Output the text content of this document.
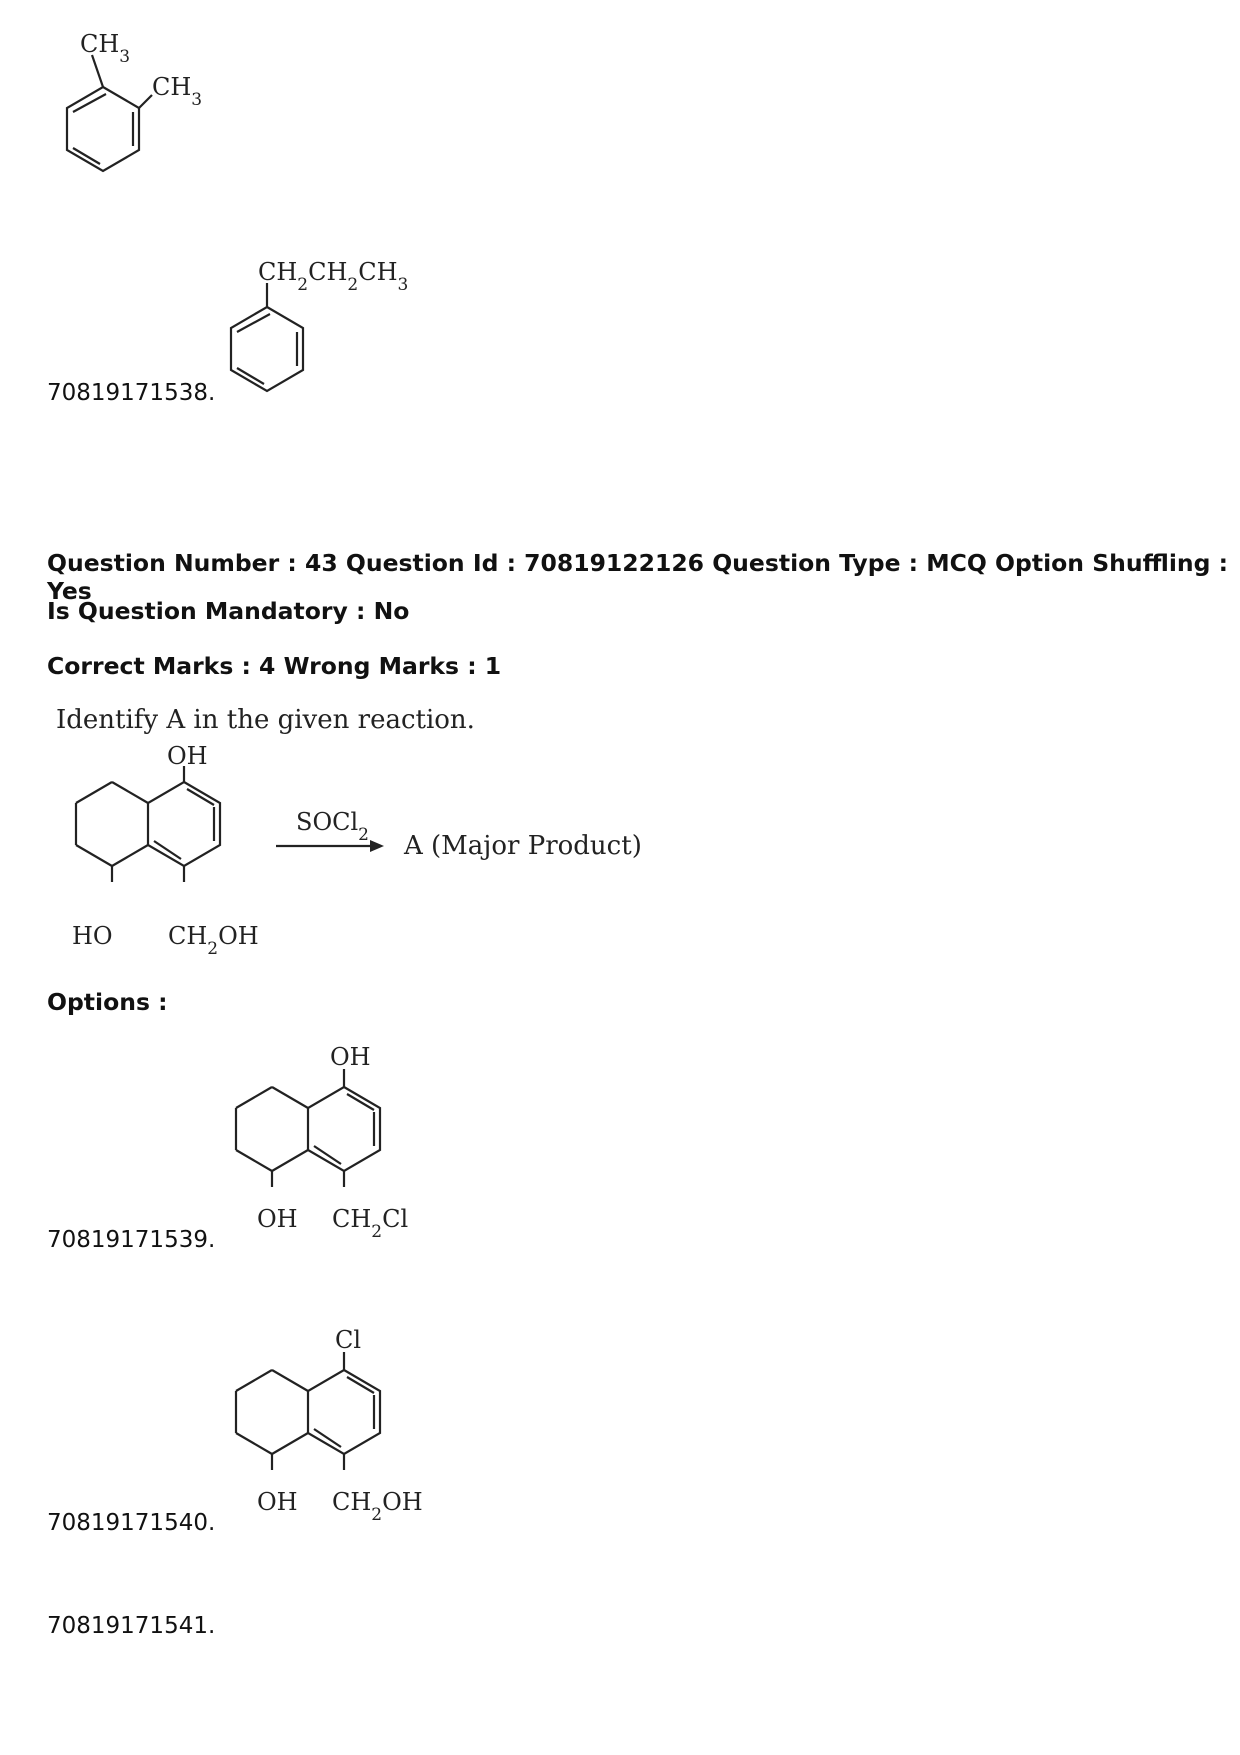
$CH_3$
$CH_3$
70819171538.
$CH_2CH_2CH_3$
Question Number : 43 Question Id : 70819122126 Question Type : MCQ Option Shuffling : Yes
Is Question Mandatory : No
Correct Marks : 4 Wrong Marks : 1
Identify A in the given reaction.
OH
HO $CH_2OH$
SOCl$_2$ A (Major Product)
Options :
70819171539.
OH
OH $CH_2Cl$
70819171540.
Cl
OH $CH_2OH$
70819171541.
